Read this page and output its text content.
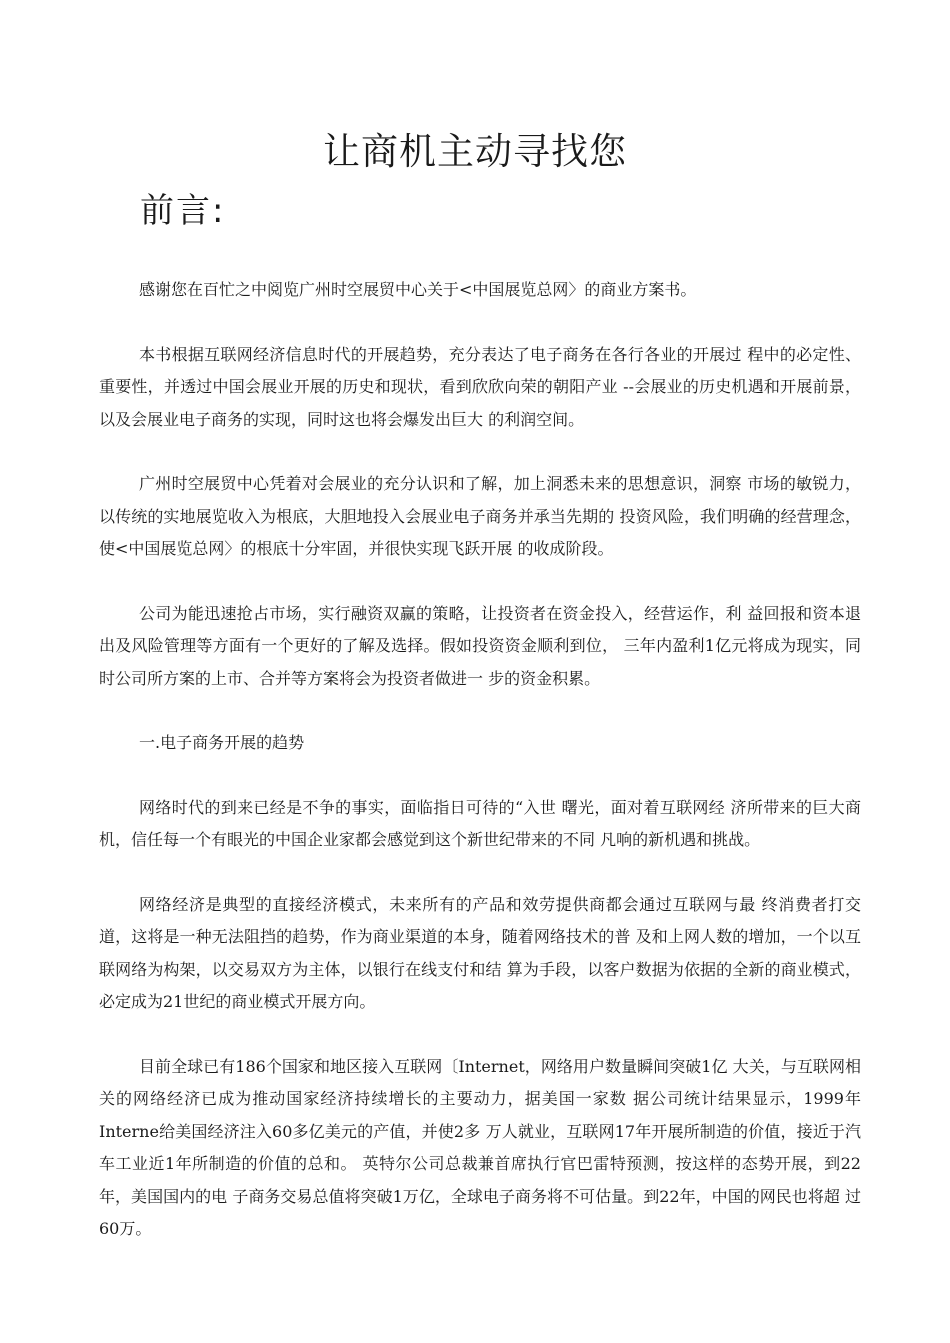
让商机主动寻找您
前言:

感谢您在百忙之中阅览广州时空展贸中心关于<中国展览总网〉的商业方案书。

本书根据互联网经济信息时代的开展趋势，充分表达了电子商务在各行各业的开展过 程中的必定性、重要性，并透过中国会展业开展的历史和现状，看到欣欣向荣的朝阳产业 --会展业的历史机遇和开展前景，以及会展业电子商务的实现，同时这也将会爆发出巨大 的利润空间。

广州时空展贸中心凭着对会展业的充分认识和了解，加上洞悉未来的思想意识，洞察 市场的敏锐力，以传统的实地展览收入为根底，大胆地投入会展业电子商务并承当先期的 投资风险，我们明确的经营理念，使<中国展览总网〉的根底十分牢固，并很快实现飞跃开展 的收成阶段。

公司为能迅速抢占市场，实行融资双赢的策略，让投资者在资金投入，经营运作，利 益回报和资本退出及风险管理等方面有一个更好的了解及选择。假如投资资金顺利到位， 三年内盈利1亿元将成为现实，同时公司所方案的上市、合并等方案将会为投资者做进一 步的资金积累。

一.电子商务开展的趋势

网络时代的到来已经是不争的事实，面临指日可待的“入世 曙光，面对着互联网经 济所带来的巨大商机，信任每一个有眼光的中国企业家都会感觉到这个新世纪带来的不同 凡响的新机遇和挑战。

网络经济是典型的直接经济模式，未来所有的产品和效劳提供商都会通过互联网与最 终消费者打交道，这将是一种无法阻挡的趋势，作为商业渠道的本身，随着网络技术的普 及和上网人数的增加，一个以互联网络为构架，以交易双方为主体，以银行在线支付和结 算为手段，以客户数据为依据的全新的商业模式，必定成为21世纪的商业模式开展方向。

目前全球已有186个国家和地区接入互联网〔Internet，网络用户数量瞬间突破1亿 大关，与互联网相关的网络经济已成为推动国家经济持续增长的主要动力，据美国一家数 据公司统计结果显示，1999年Interne给美国经济注入60多亿美元的产值，并使2多 万人就业，互联网17年开展所制造的价值，接近于汽车工业近1年所制造的价值的总和。 英特尔公司总裁兼首席执行官巴雷特预测，按这样的态势开展，到22年，美国国内的电 子商务交易总值将突破1万亿，全球电子商务将不可估量。到22年，中国的网民也将超 过60万。
